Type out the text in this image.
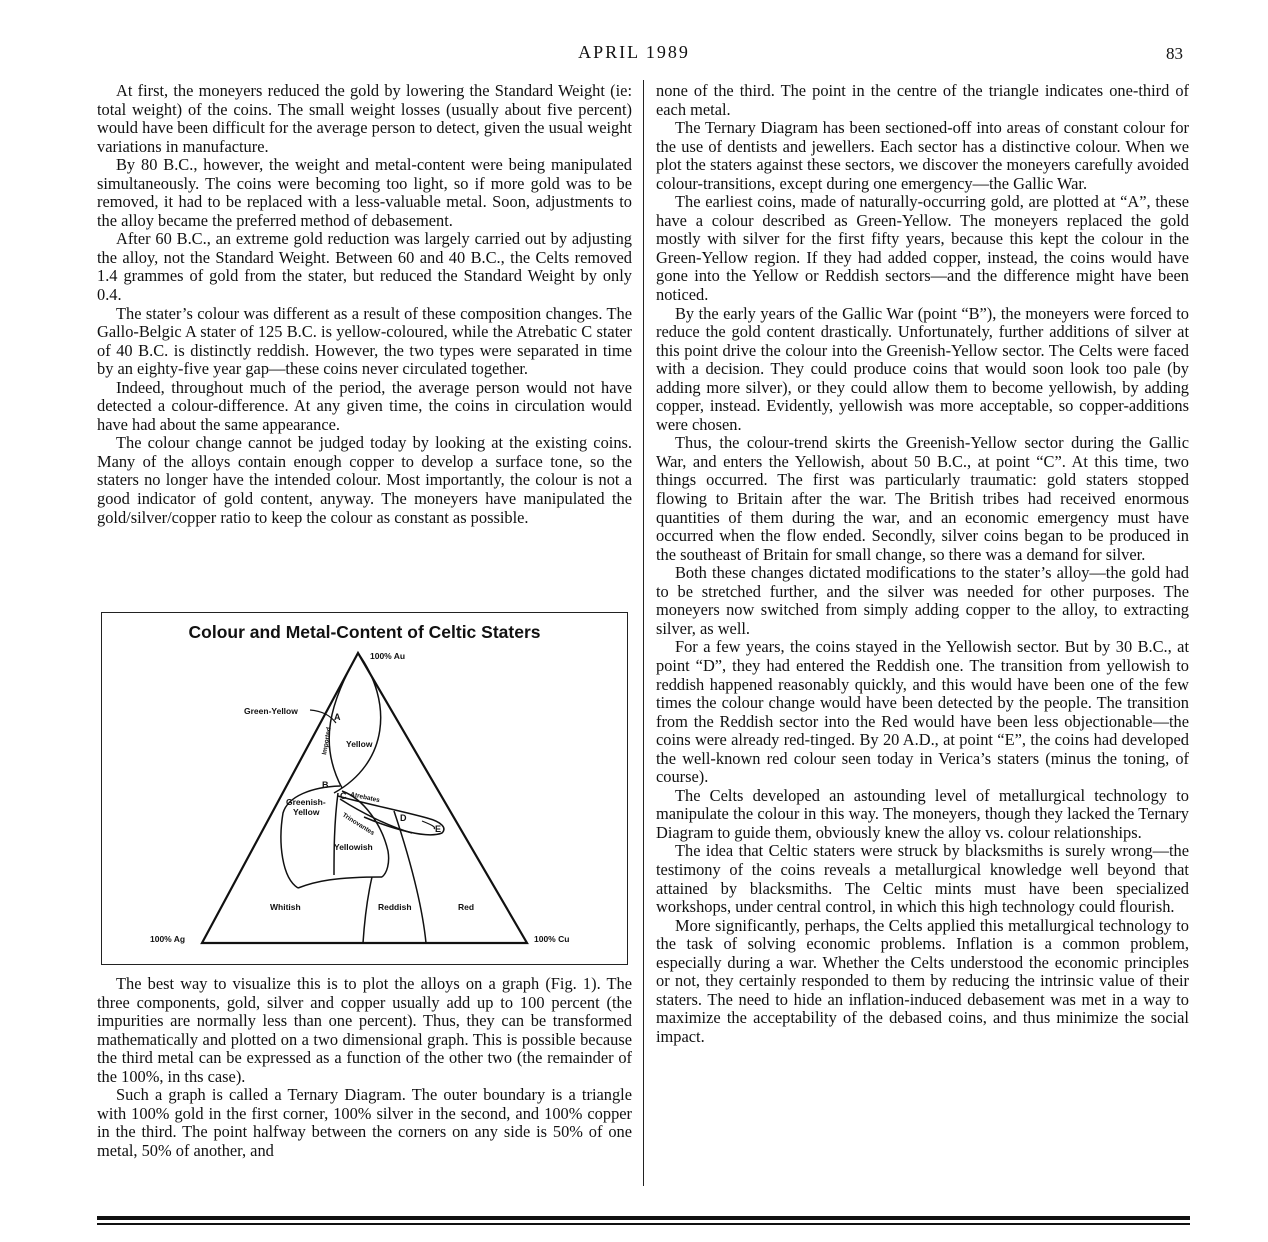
APRIL 1989	83

At first, the moneyers reduced the gold by lowering the Standard Weight (ie: total weight) of the coins. The small weight losses (usually about five percent) would have been difficult for the average person to detect, given the usual weight variations in manufacture.

By 80 B.C., however, the weight and metal-content were being manipulated simultaneously. The coins were becoming too light, so if more gold was to be removed, it had to be replaced with a less-valuable metal. Soon, adjustments to the alloy became the preferred method of debasement.

After 60 B.C., an extreme gold reduction was largely carried out by adjusting the alloy, not the Standard Weight. Between 60 and 40 B.C., the Celts removed 1.4 grammes of gold from the stater, but reduced the Standard Weight by only 0.4.

The stater’s colour was different as a result of these composition changes. The Gallo-Belgic A stater of 125 B.C. is yellow-coloured, while the Atrebatic C stater of 40 B.C. is distinctly reddish. However, the two types were separated in time by an eighty-five year gap—these coins never circulated together.

Indeed, throughout much of the period, the average person would not have detected a colour-difference. At any given time, the coins in circulation would have had about the same appearance.

The colour change cannot be judged today by looking at the existing coins. Many of the alloys contain enough copper to develop a surface tone, so the staters no longer have the intended colour. Most importantly, the colour is not a good indicator of gold content, anyway. The moneyers have manipulated the gold/silver/copper ratio to keep the colour as constant as possible.

The best way to visualize this is to plot the alloys on a graph (Fig. 1). The three components, gold, silver and copper usually add up to 100 percent (the impurities are normally less than one percent). Thus, they can be transformed mathematically and plotted on a two dimensional graph. This is possible because the third metal can be expressed as a function of the other two (the remainder of the 100%, in ths case).

Such a graph is called a Ternary Diagram. The outer boundary is a triangle with 100% gold in the first corner, 100% silver in the second, and 100% copper in the third. The point halfway between the corners on any side is 50% of one metal, 50% of another, and

Colour and Metal-Content of Celtic Staters
100% Au
100% Ag	100% Cu
Green-Yellow
Yellow
Greenish-
Yellow
Yellowish
Whitish	Reddish	Red
Imported
Atrebates
Trinovantes
A
B
C
D
E

none of the third. The point in the centre of the triangle indicates one-third of each metal.

The Ternary Diagram has been sectioned-off into areas of constant colour for the use of dentists and jewellers. Each sector has a distinctive colour. When we plot the staters against these sectors, we discover the moneyers carefully avoided colour-transitions, except during one emergency—the Gallic War.

The earliest coins, made of naturally-occurring gold, are plotted at “A”, these have a colour described as Green-Yellow. The moneyers replaced the gold mostly with silver for the first fifty years, because this kept the colour in the Green-Yellow region. If they had added copper, instead, the coins would have gone into the Yellow or Reddish sectors—and the difference might have been noticed.

By the early years of the Gallic War (point “B”), the moneyers were forced to reduce the gold content drastically. Unfortunately, further additions of silver at this point drive the colour into the Greenish-Yellow sector. The Celts were faced with a decision. They could produce coins that would soon look too pale (by adding more silver), or they could allow them to become yellowish, by adding copper, instead. Evidently, yellowish was more acceptable, so copper-additions were chosen.

Thus, the colour-trend skirts the Greenish-Yellow sector during the Gallic War, and enters the Yellowish, about 50 B.C., at point “C”. At this time, two things occurred. The first was particularly traumatic: gold staters stopped flowing to Britain after the war. The British tribes had received enormous quantities of them during the war, and an economic emergency must have occurred when the flow ended. Secondly, silver coins began to be produced in the southeast of Britain for small change, so there was a demand for silver.

Both these changes dictated modifications to the stater’s alloy—the gold had to be stretched further, and the silver was needed for other purposes. The moneyers now switched from simply adding copper to the alloy, to extracting silver, as well.

For a few years, the coins stayed in the Yellowish sector. But by 30 B.C., at point “D”, they had entered the Reddish one. The transition from yellowish to reddish happened reasonably quickly, and this would have been one of the few times the colour change would have been detected by the people. The transition from the Reddish sector into the Red would have been less objectionable—the coins were already red-tinged. By 20 A.D., at point “E”, the coins had developed the well-known red colour seen today in Verica’s staters (minus the toning, of course).

The Celts developed an astounding level of metallurgical technology to manipulate the colour in this way. The moneyers, though they lacked the Ternary Diagram to guide them, obviously knew the alloy vs. colour relationships.

The idea that Celtic staters were struck by blacksmiths is surely wrong—the testimony of the coins reveals a metallurgical knowledge well beyond that attained by blacksmiths. The Celtic mints must have been specialized workshops, under central control, in which this high technology could flourish.

More significantly, perhaps, the Celts applied this metallurgical technology to the task of solving economic problems. Inflation is a common problem, especially during a war. Whether the Celts understood the economic principles or not, they certainly responded to them by reducing the intrinsic value of their staters. The need to hide an inflation-induced debasement was met in a way to maximize the acceptability of the debased coins, and thus minimize the social impact.
